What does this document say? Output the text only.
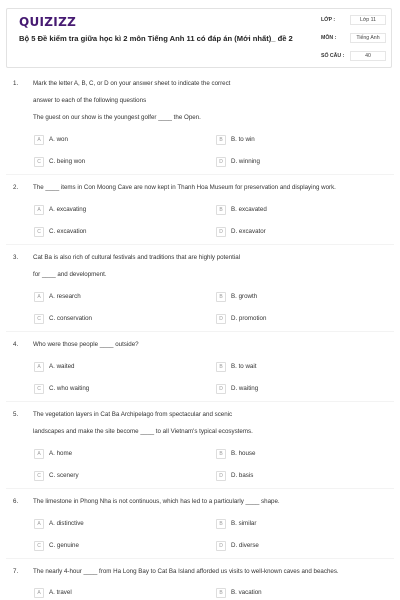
QUIZIZZ
Bộ 5 Đề kiểm tra giữa học kì 2 môn Tiếng Anh 11 có đáp án (Mới nhất)_ đề 2
LỚP :	Lớp 11
MÔN :	Tiếng Anh
SỐ CÂU :	40
1. Mark the letter A, B, C, or D on your answer sheet to indicate the correct
answer to each of the following questions
The guest on our show is the youngest golfer ____ the Open.
A	A. won	B	B. to win
C	C. being won	D	D. winning
2. The ____ items in Con Moong Cave are now kept in Thanh Hoa Museum for preservation and displaying work.
A	A. excavating	B	B. excavated
C	C. excavation	D	D. excavator
3. Cat Ba is also rich of cultural festivals and traditions that are highly potential
for ____ and development.
A	A. research	B	B. growth
C	C. conservation	D	D. promotion
4. Who were those people ____ outside?
A	A. waited	B	B. to wait
C	C. who waiting	D	D. waiting
5. The vegetation layers in Cat Ba Archipelago from spectacular and scenic
landscapes and make the site become ____ to all Vietnam's typical ecosystems.
A	A. home	B	B. house
C	C. scenery	D	D. basis
6. The limestone in Phong Nha is not continuous, which has led to a particularly ____ shape.
A	A. distinctive	B	B. similar
C	C. genuine	D	D. diverse
7. The nearly 4-hour ____ from Ha Long Bay to Cat Ba Island afforded us visits to well-known caves and beaches.
A	A. travel	B	B. vacation
